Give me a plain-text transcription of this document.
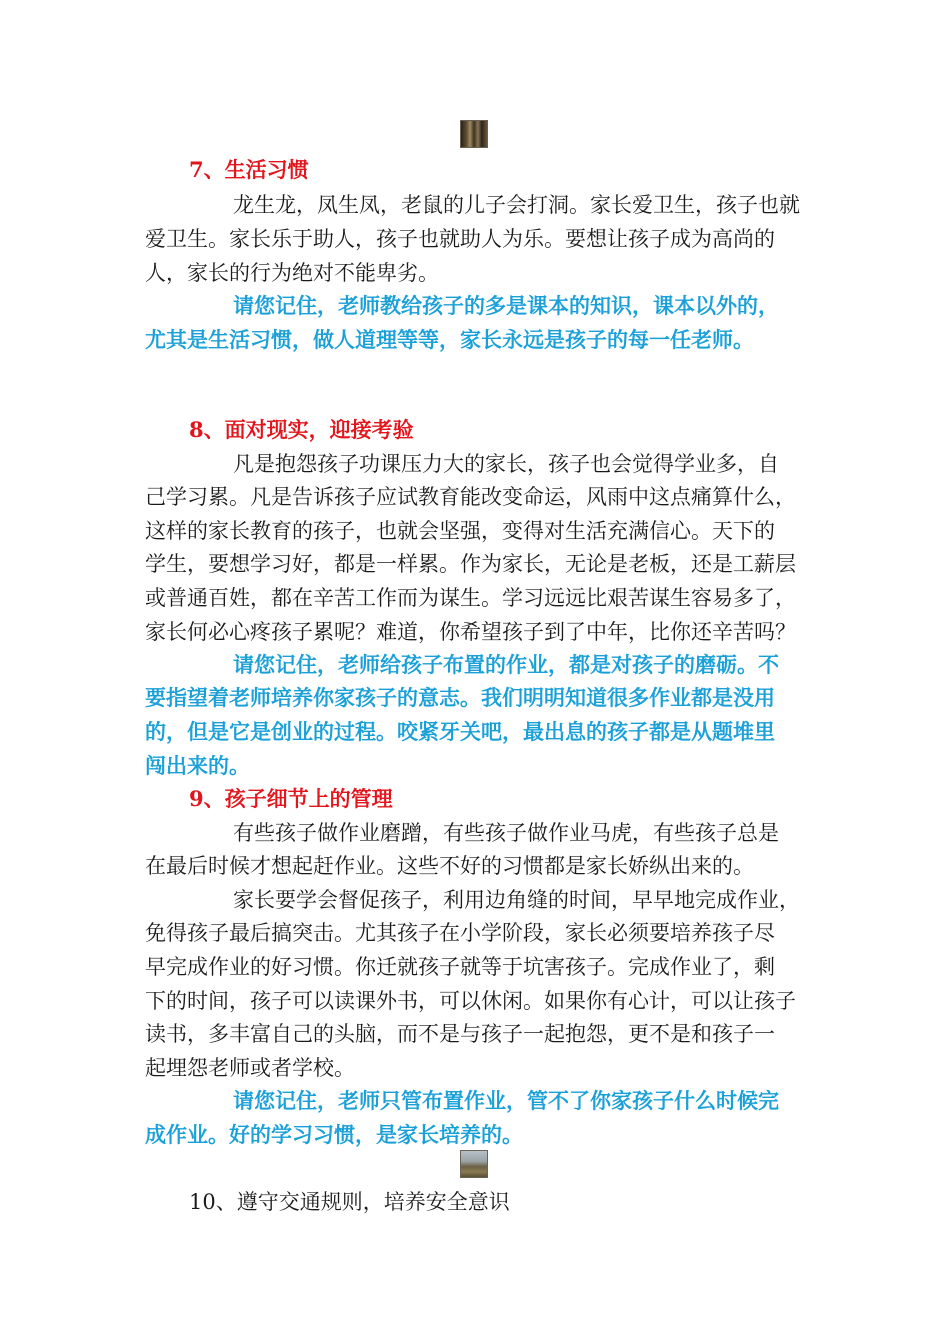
7、生活习惯
龙生龙，凤生凤，老鼠的儿子会打洞。家长爱卫生，孩子也就
爱卫生。家长乐于助人，孩子也就助人为乐。要想让孩子成为高尚的
人，家长的行为绝对不能卑劣。
请您记住，老师教给孩子的多是课本的知识，课本以外的，
尤其是生活习惯，做人道理等等，家长永远是孩子的每一任老师。
8、面对现实，迎接考验
凡是抱怨孩子功课压力大的家长，孩子也会觉得学业多，自
己学习累。凡是告诉孩子应试教育能改变命运，风雨中这点痛算什么，
这样的家长教育的孩子，也就会坚强，变得对生活充满信心。天下的
学生，要想学习好，都是一样累。作为家长，无论是老板，还是工薪层
或普通百姓，都在辛苦工作而为谋生。学习远远比艰苦谋生容易多了，
家长何必心疼孩子累呢？难道，你希望孩子到了中年，比你还辛苦吗？
请您记住，老师给孩子布置的作业，都是对孩子的磨砺。不
要指望着老师培养你家孩子的意志。我们明明知道很多作业都是没用
的，但是它是创业的过程。咬紧牙关吧，最出息的孩子都是从题堆里
闯出来的。
9、孩子细节上的管理
有些孩子做作业磨蹭，有些孩子做作业马虎，有些孩子总是
在最后时候才想起赶作业。这些不好的习惯都是家长娇纵出来的。
家长要学会督促孩子，利用边角缝的时间，早早地完成作业，
免得孩子最后搞突击。尤其孩子在小学阶段，家长必须要培养孩子尽
早完成作业的好习惯。你迁就孩子就等于坑害孩子。完成作业了，剩
下的时间，孩子可以读课外书，可以休闲。如果你有心计，可以让孩子
读书，多丰富自己的头脑，而不是与孩子一起抱怨，更不是和孩子一
起埋怨老师或者学校。
请您记住，老师只管布置作业，管不了你家孩子什么时候完
成作业。好的学习习惯，是家长培养的。
10、遵守交通规则，培养安全意识
